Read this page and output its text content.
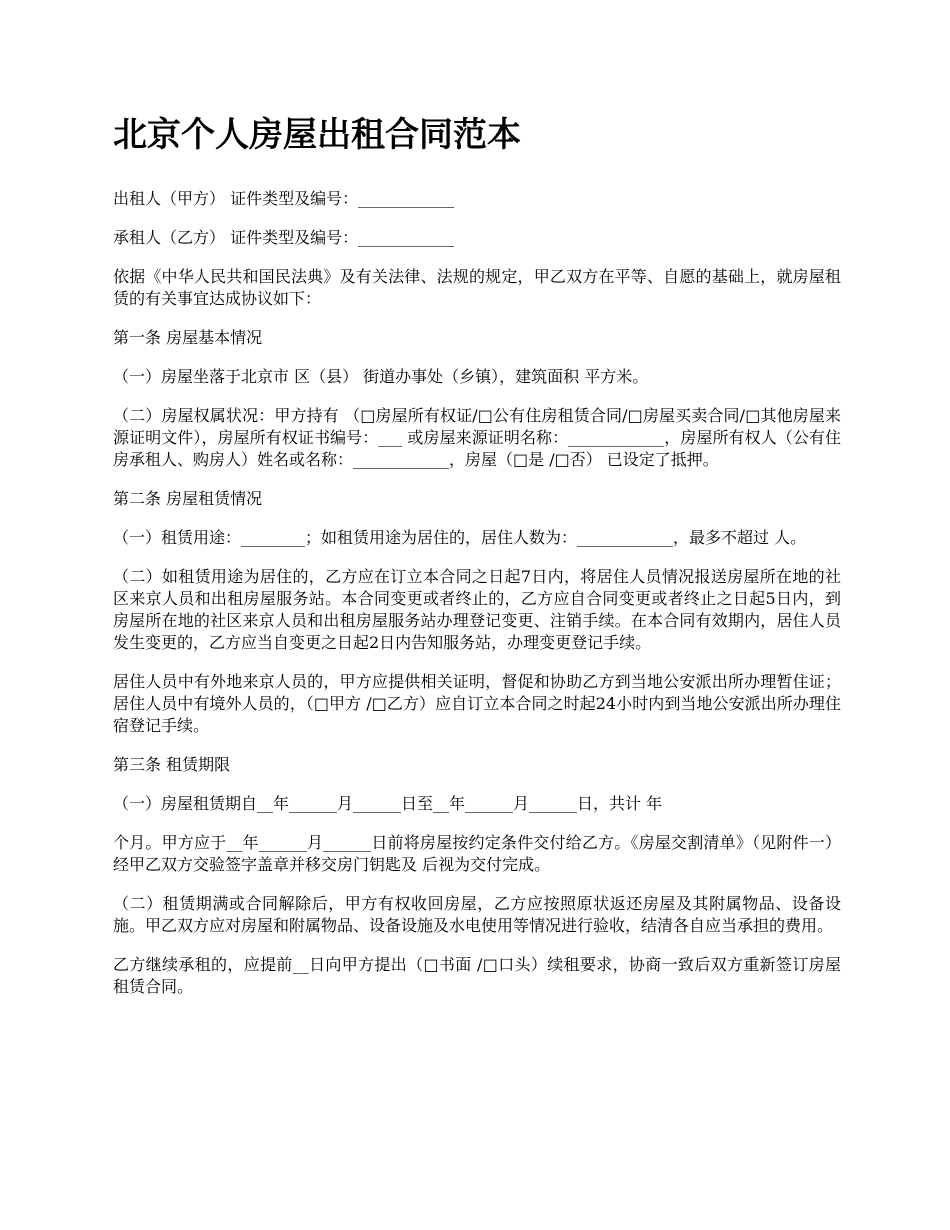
北京个人房屋出租合同范本

出租人（甲方） 证件类型及编号：____________

承租人（乙方） 证件类型及编号：____________

依据《中华人民共和国民法典》及有关法律、法规的规定，甲乙双方在平等、自愿的基础上，就房屋租赁的有关事宜达成协议如下：

第一条 房屋基本情况

（一）房屋坐落于北京市 区（县） 街道办事处（乡镇），建筑面积 平方米。

（二）房屋权属状况：甲方持有 （□房屋所有权证/□公有住房租赁合同/□房屋买卖合同/□其他房屋来源证明文件），房屋所有权证书编号：___ 或房屋来源证明名称：____________，房屋所有权人（公有住房承租人、购房人）姓名或名称：____________，房屋（□是 /□否） 已设定了抵押。

第二条 房屋租赁情况

（一）租赁用途：________；如租赁用途为居住的，居住人数为：____________，最多不超过 人。

（二）如租赁用途为居住的，乙方应在订立本合同之日起7日内，将居住人员情况报送房屋所在地的社区来京人员和出租房屋服务站。本合同变更或者终止的，乙方应自合同变更或者终止之日起5日内，到房屋所在地的社区来京人员和出租房屋服务站办理登记变更、注销手续。在本合同有效期内，居住人员发生变更的，乙方应当自变更之日起2日内告知服务站，办理变更登记手续。

居住人员中有外地来京人员的，甲方应提供相关证明，督促和协助乙方到当地公安派出所办理暂住证；居住人员中有境外人员的，（□甲方 /□乙方）应自订立本合同之时起24小时内到当地公安派出所办理住宿登记手续。

第三条 租赁期限

（一）房屋租赁期自__年______月______日至__年______月______日，共计 年

个月。甲方应于__年______月______日前将房屋按约定条件交付给乙方。《房屋交割清单》（见附件一）经甲乙双方交验签字盖章并移交房门钥匙及 后视为交付完成。

（二）租赁期满或合同解除后，甲方有权收回房屋，乙方应按照原状返还房屋及其附属物品、设备设施。甲乙双方应对房屋和附属物品、设备设施及水电使用等情况进行验收，结清各自应当承担的费用。

乙方继续承租的，应提前__日向甲方提出（□书面 /□口头）续租要求，协商一致后双方重新签订房屋租赁合同。
